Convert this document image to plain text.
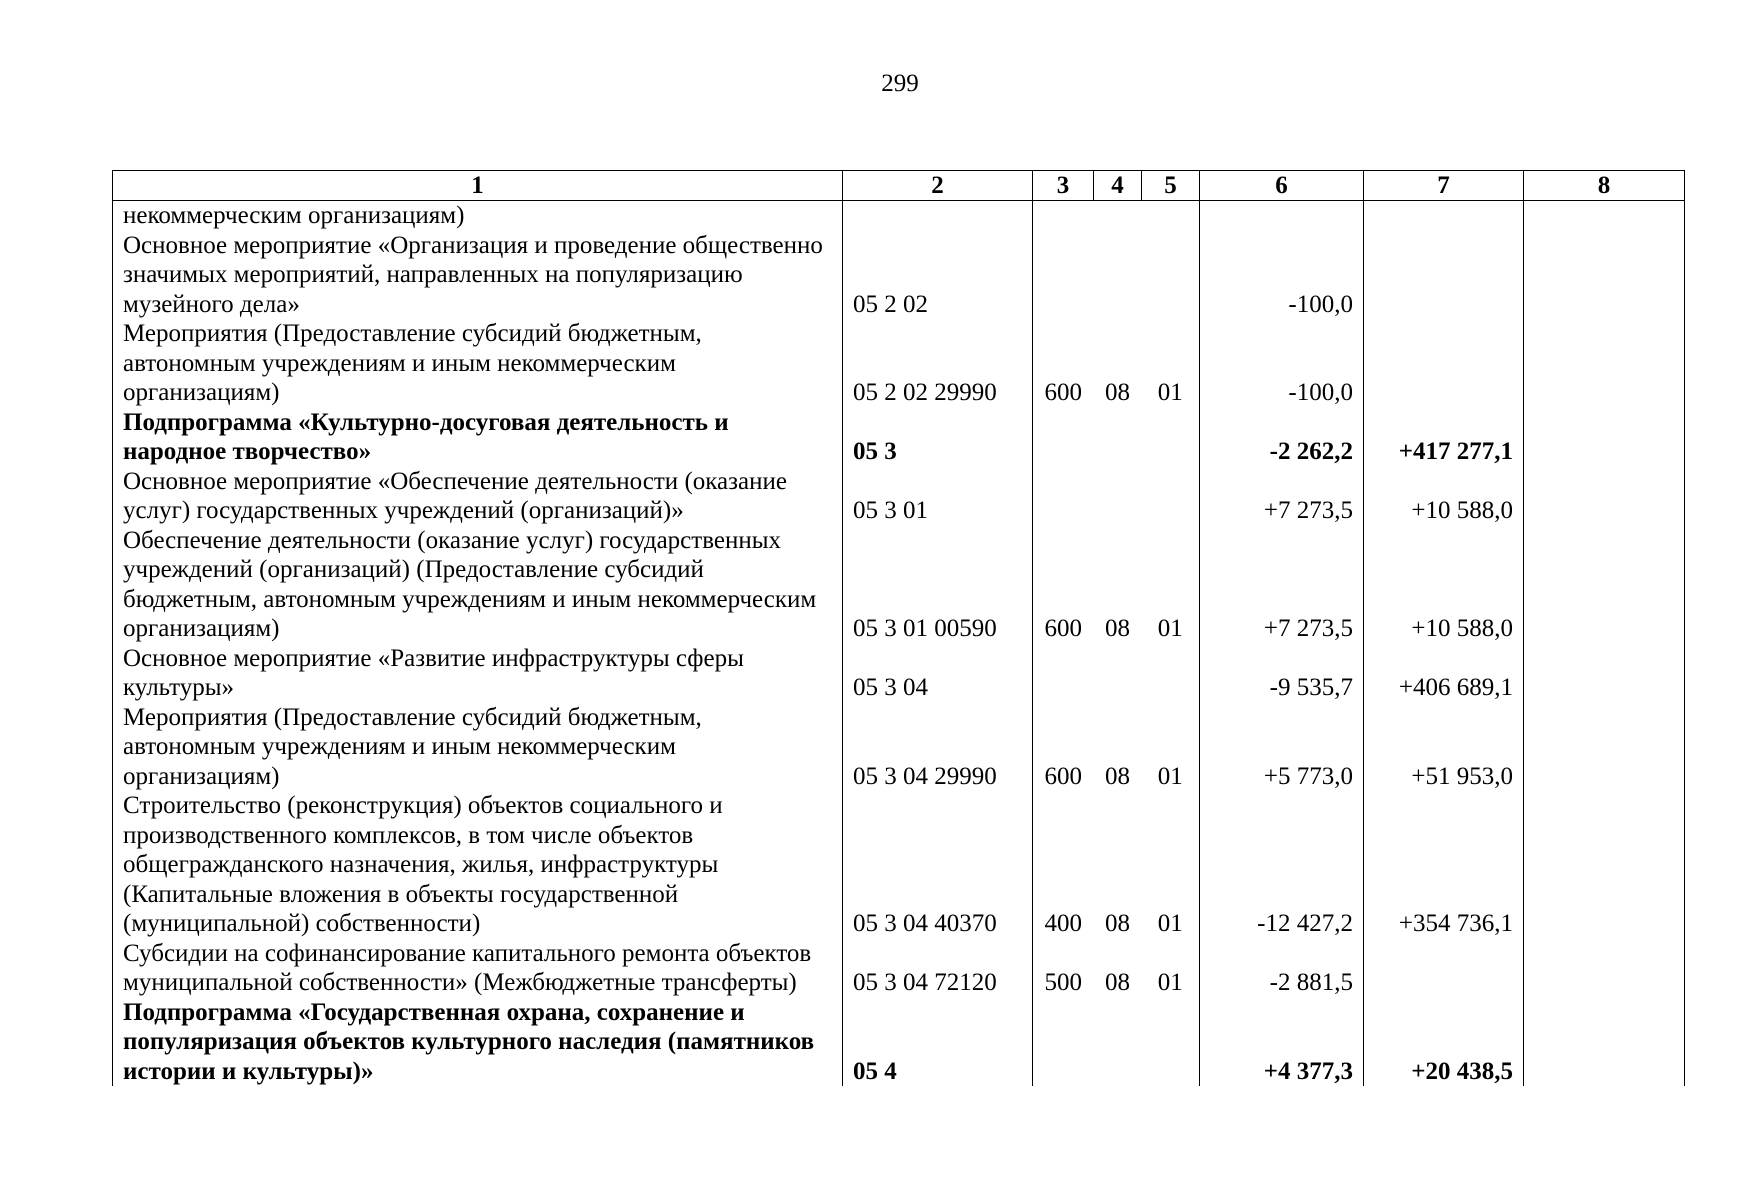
299
1	2	3	4	5	6	7	8
некоммерческим организациям)							
Основное мероприятие «Организация и проведение общественно значимых мероприятий, направленных на популяризацию музейного дела»	05 2 02				-100,0		
Мероприятия (Предоставление субсидий бюджетным, автономным учреждениям и иным некоммерческим организациям)	05 2 02 29990	600	08	01	-100,0		
Подпрограмма «Культурно-досуговая деятельность и народное творчество»	05 3				-2 262,2	+417 277,1	
Основное мероприятие «Обеспечение деятельности (оказание услуг) государственных учреждений (организаций)»	05 3 01				+7 273,5	+10 588,0	
Обеспечение деятельности (оказание услуг) государственных учреждений (организаций) (Предоставление субсидий бюджетным, автономным учреждениям и иным некоммерческим организациям)	05 3 01 00590	600	08	01	+7 273,5	+10 588,0	
Основное мероприятие «Развитие инфраструктуры сферы культуры»	05 3 04				-9 535,7	+406 689,1	
Мероприятия (Предоставление субсидий бюджетным, автономным учреждениям и иным некоммерческим организациям)	05 3 04 29990	600	08	01	+5 773,0	+51 953,0	
Строительство (реконструкция) объектов социального и производственного комплексов, в том числе объектов общегражданского назначения, жилья, инфраструктуры (Капитальные вложения в объекты государственной (муниципальной) собственности)	05 3 04 40370	400	08	01	-12 427,2	+354 736,1	
Субсидии на софинансирование капитального ремонта объектов муниципальной собственности» (Межбюджетные трансферты)	05 3 04 72120	500	08	01	-2 881,5		
Подпрограмма «Государственная охрана, сохранение и популяризация объектов культурного наследия (памятников истории и культуры)»	05 4				+4 377,3	+20 438,5	
